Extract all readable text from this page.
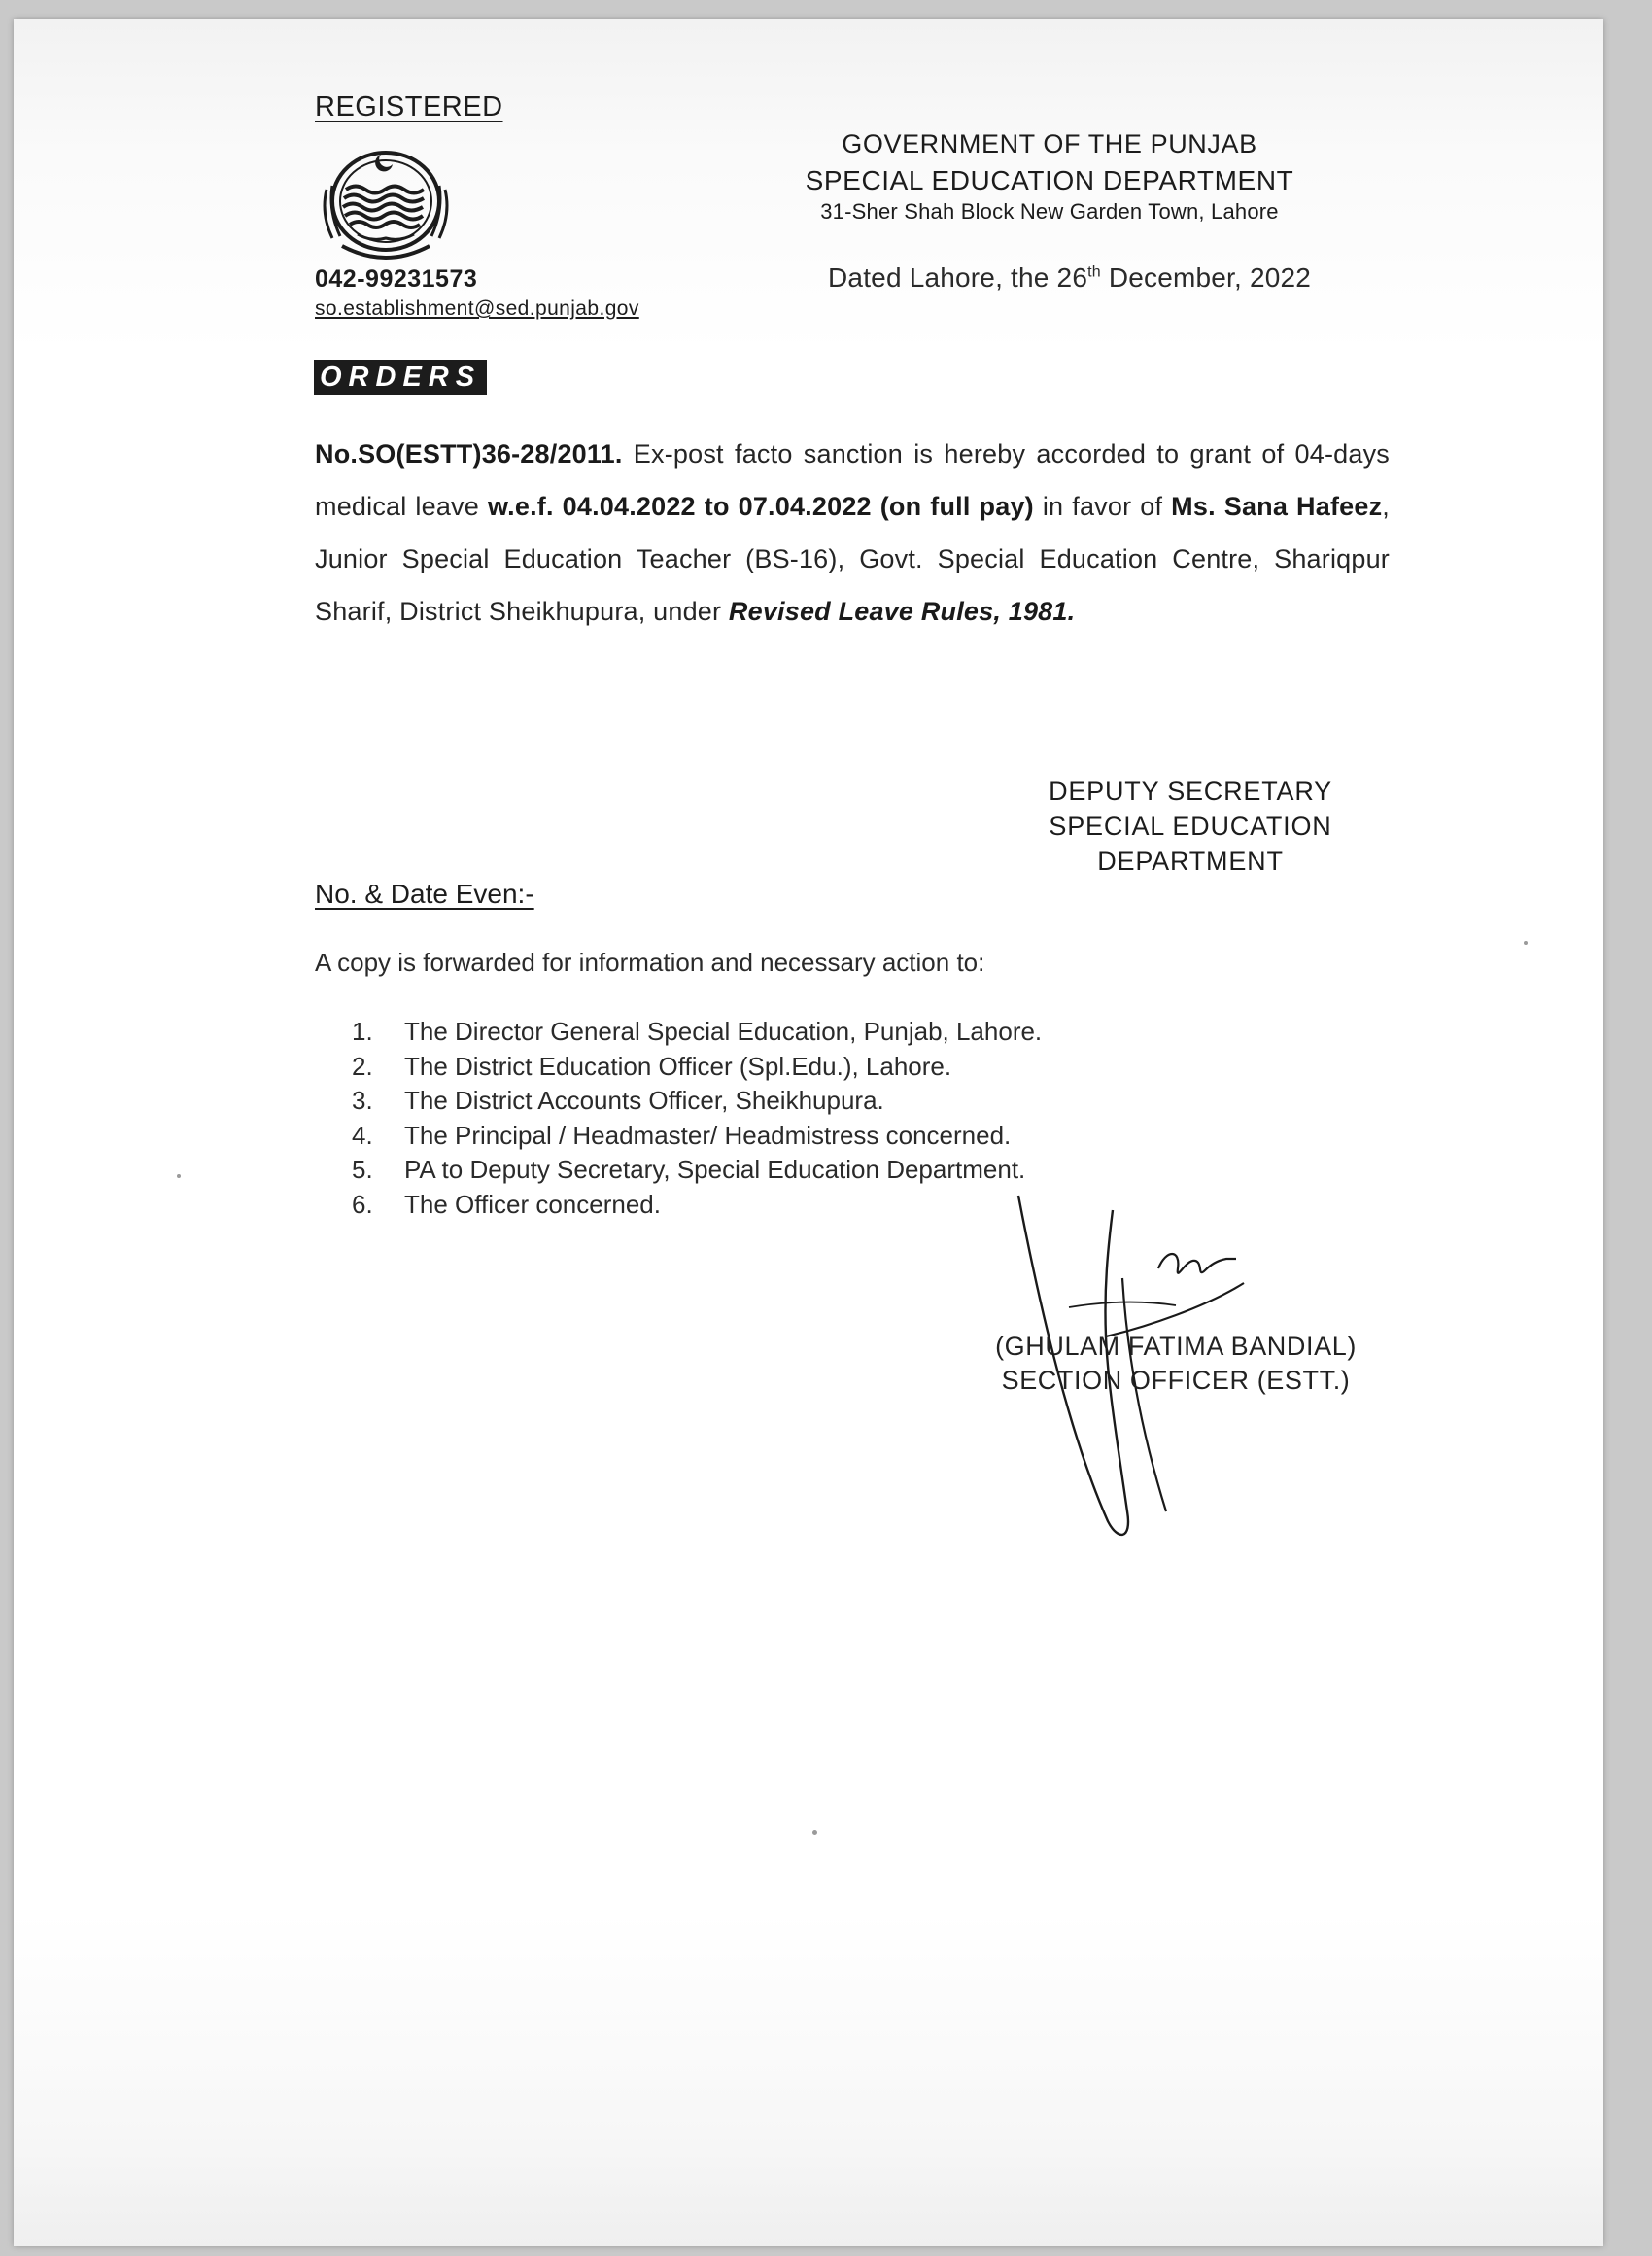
REGISTERED
042-99231573
so.establishment@sed.punjab.gov
GOVERNMENT OF THE PUNJAB
SPECIAL EDUCATION DEPARTMENT
31-Sher Shah Block New Garden Town, Lahore
Dated Lahore, the 26th December, 2022
ORDERS
No.SO(ESTT)36-28/2011. Ex-post facto sanction is hereby accorded to grant of 04-days medical leave w.e.f. 04.04.2022 to 07.04.2022 (on full pay) in favor of Ms. Sana Hafeez, Junior Special Education Teacher (BS-16), Govt. Special Education Centre, Shariqpur Sharif, District Sheikhupura, under Revised Leave Rules, 1981.
DEPUTY SECRETARY
SPECIAL EDUCATION
DEPARTMENT
No. & Date Even:-
A copy is forwarded for information and necessary action to:
1.	The Director General Special Education, Punjab, Lahore.
2.	The District Education Officer (Spl.Edu.), Lahore.
3.	The District Accounts Officer, Sheikhupura.
4.	The Principal / Headmaster/ Headmistress concerned.
5.	PA to Deputy Secretary, Special Education Department.
6.	The Officer concerned.
(GHULAM FATIMA BANDIAL)
SECTION OFFICER (ESTT.)
